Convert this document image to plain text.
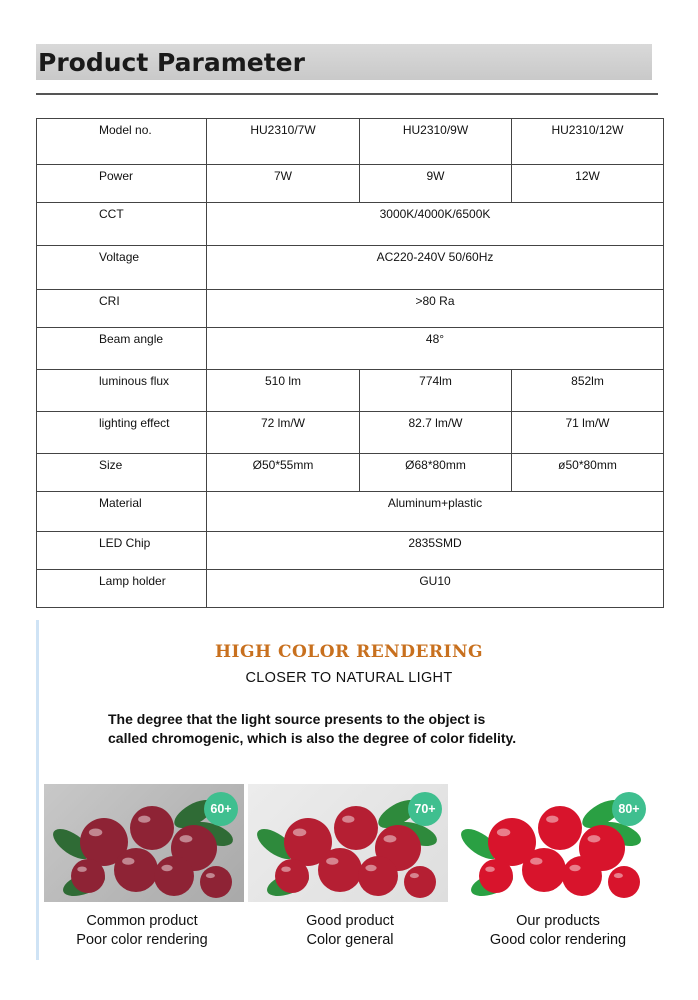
Product Parameter
Model no.	HU2310/7W	HU2310/9W	HU2310/12W
Power	7W	9W	12W
CCT	3000K/4000K/6500K		
Voltage	AC220-240V 50/60Hz		
CRI	>80 Ra		
Beam angle	48°		
luminous flux	510 lm	774lm	852lm
lighting effect	72 lm/W	82.7 lm/W	71 lm/W
Size	Ø50*55mm	Ø68*80mm	ø50*80mm
Material	Aluminum+plastic		
LED Chip	2835SMD		
Lamp holder	GU10		
HIGH COLOR RENDERING
CLOSER TO NATURAL LIGHT
The degree that the light source presents to the object is
called chromogenic, which is also the degree of color fidelity.
60+	70+	80+
Common product
Poor color rendering
Good product
Color general
Our products
Good color rendering
